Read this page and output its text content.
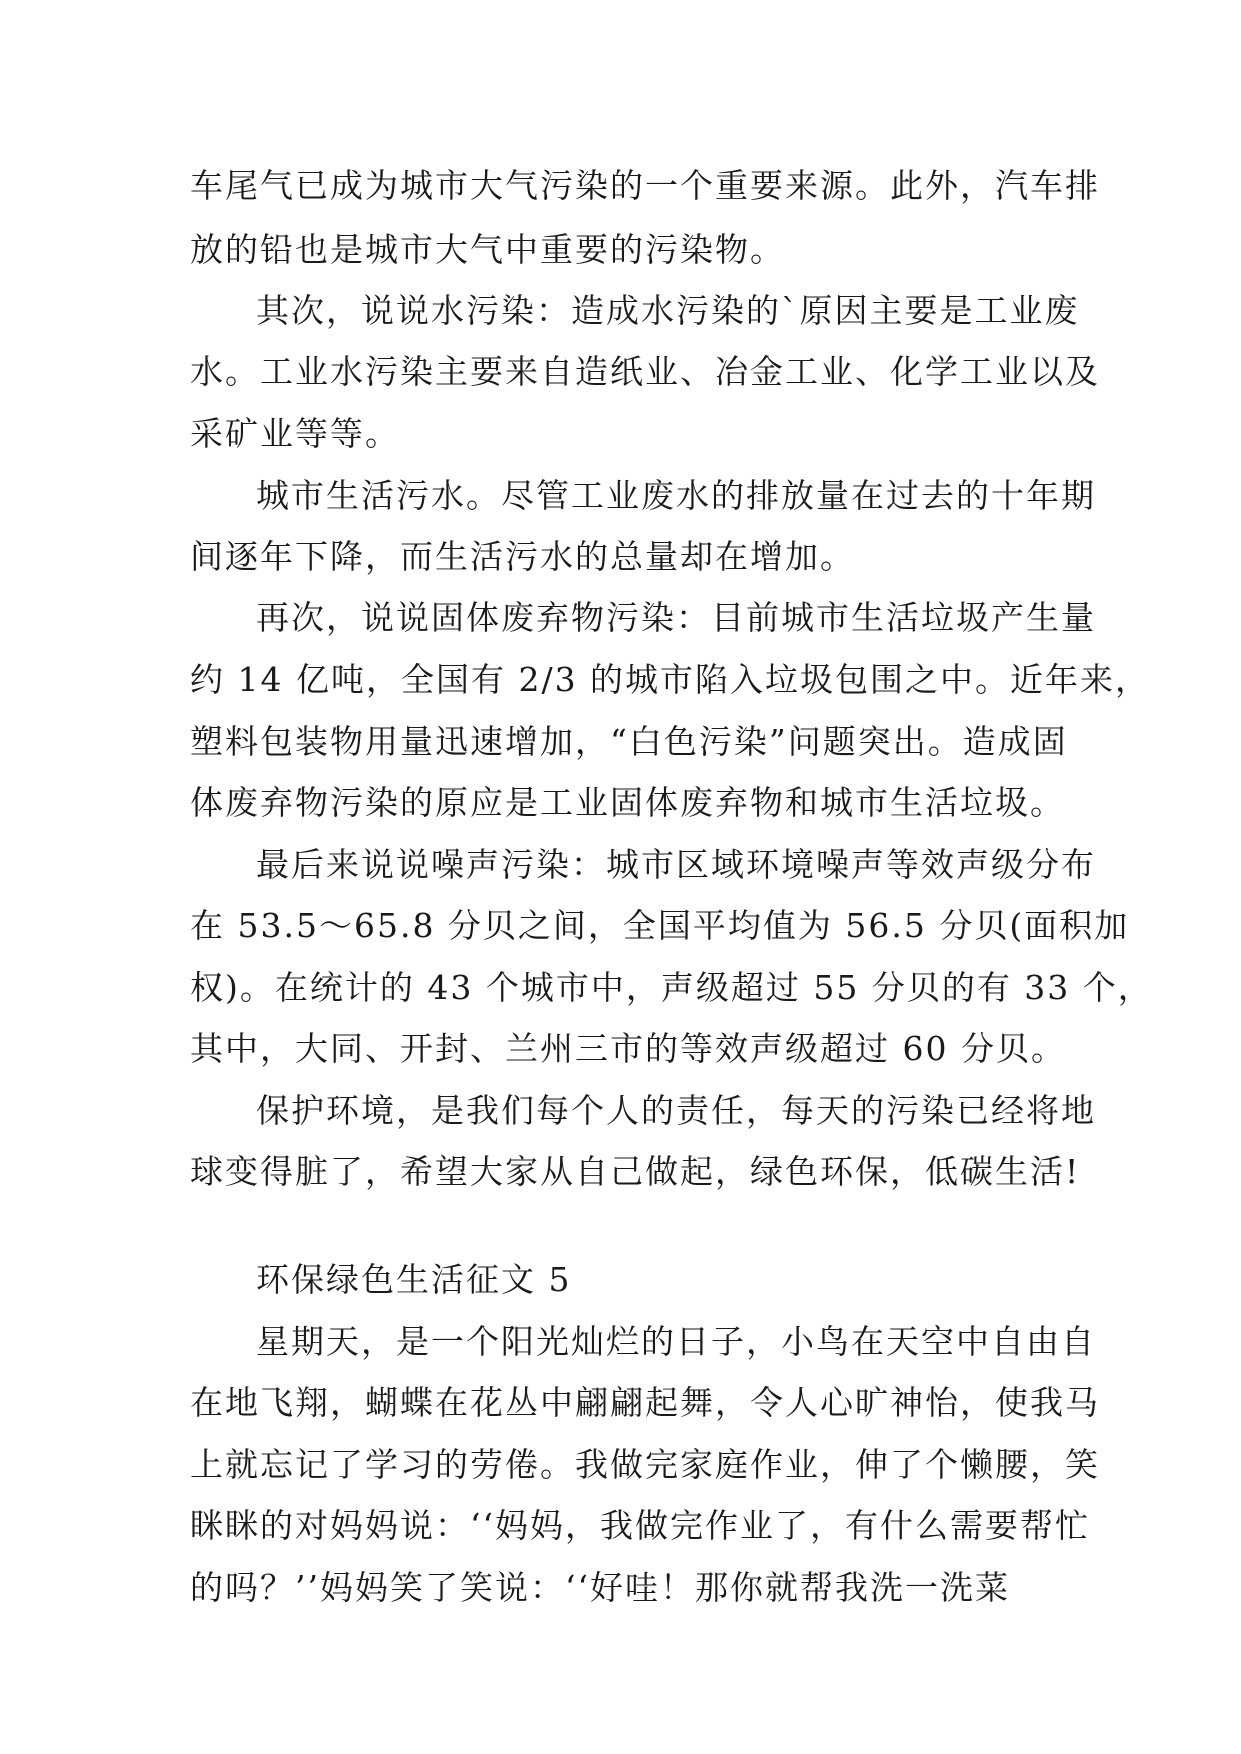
车尾气已成为城市大气污染的一个重要来源。此外，汽车排
放的铅也是城市大气中重要的污染物。
其次，说说水污染：造成水污染的`原因主要是工业废
水。工业水污染主要来自造纸业、冶金工业、化学工业以及
采矿业等等。
城市生活污水。尽管工业废水的排放量在过去的十年期
间逐年下降，而生活污水的总量却在增加。
再次，说说固体废弃物污染：目前城市生活垃圾产生量
约 14 亿吨，全国有 2/3 的城市陷入垃圾包围之中。近年来，
塑料包装物用量迅速增加，“白色污染”问题突出。造成固
体废弃物污染的原应是工业固体废弃物和城市生活垃圾。
最后来说说噪声污染：城市区域环境噪声等效声级分布
在 53.5～65.8 分贝之间，全国平均值为 56.5 分贝(面积加
权)。在统计的 43 个城市中，声级超过 55 分贝的有 33 个，
其中，大同、开封、兰州三市的等效声级超过 60 分贝。
保护环境，是我们每个人的责任，每天的污染已经将地
球变得脏了，希望大家从自己做起，绿色环保，低碳生活!
环保绿色生活征文 5
星期天，是一个阳光灿烂的日子，小鸟在天空中自由自
在地飞翔，蝴蝶在花丛中翩翩起舞，令人心旷神怡，使我马
上就忘记了学习的劳倦。我做完家庭作业，伸了个懒腰，笑
眯眯的对妈妈说：‘‘妈妈，我做完作业了，有什么需要帮忙
的吗？’’妈妈笑了笑说：‘‘好哇！那你就帮我洗一洗菜
